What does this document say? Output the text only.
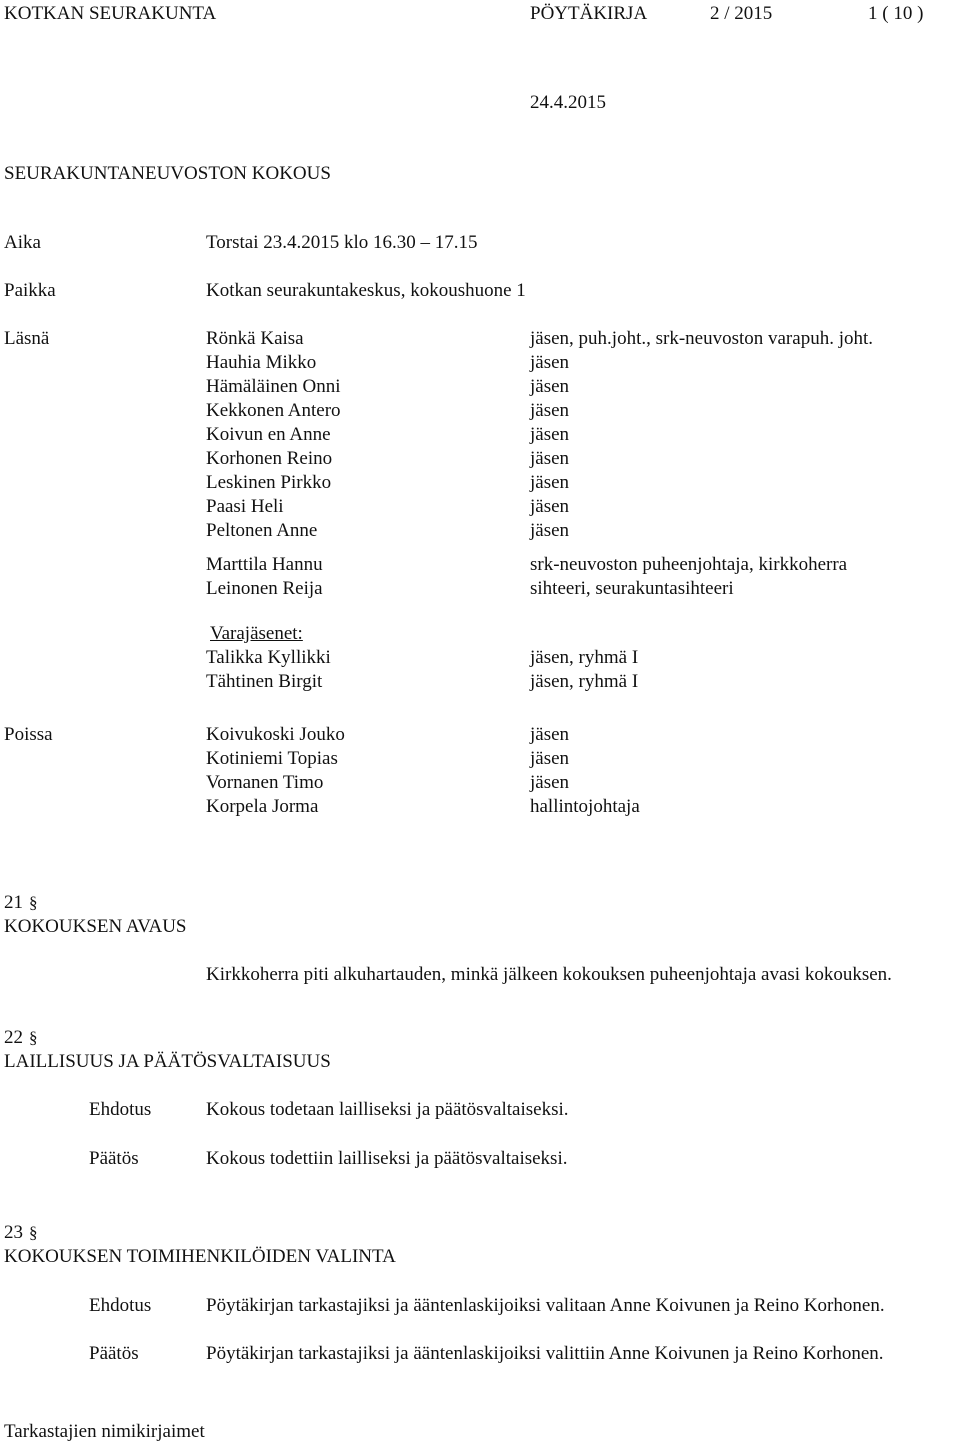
KOTKAN SEURAKUNTA	PÖYTÄKIRJA	2 / 2015	1 ( 10 )
24.4.2015
SEURAKUNTANEUVOSTON KOKOUS
Aika	Torstai 23.4.2015 klo 16.30 – 17.15
Paikka	Kotkan seurakuntakeskus, kokoushuone 1
Läsnä	Rönkä Kaisa	jäsen, puh.joht., srk-neuvoston varapuh. joht.
Hauhia Mikko	jäsen
Hämäläinen Onni	jäsen
Kekkonen Antero	jäsen
Koivun en Anne	jäsen
Korhonen Reino	jäsen
Leskinen Pirkko	jäsen
Paasi Heli	jäsen
Peltonen Anne	jäsen
Marttila Hannu	srk-neuvoston puheenjohtaja, kirkkoherra
Leinonen Reija	sihteeri, seurakuntasihteeri
Varajäsenet:
Talikka Kyllikki	jäsen, ryhmä I
Tähtinen Birgit	jäsen, ryhmä I
Poissa	Koivukoski Jouko	jäsen
Kotiniemi Topias	jäsen
Vornanen Timo	jäsen
Korpela Jorma	hallintojohtaja
21 §
KOKOUKSEN AVAUS
Kirkkoherra piti alkuhartauden, minkä jälkeen kokouksen puheenjohtaja avasi kokouksen.
22 §
LAILLISUUS JA PÄÄTÖSVALTAISUUS
Ehdotus	Kokous todetaan lailliseksi ja päätösvaltaiseksi.
Päätös	Kokous todettiin lailliseksi ja päätösvaltaiseksi.
23 §
KOKOUKSEN TOIMIHENKILÖIDEN VALINTA
Ehdotus	Pöytäkirjan tarkastajiksi ja ääntenlaskijoiksi valitaan Anne Koivunen ja Reino Korhonen.
Päätös	Pöytäkirjan tarkastajiksi ja ääntenlaskijoiksi valittiin Anne Koivunen ja Reino Korhonen.
Tarkastajien nimikirjaimet
